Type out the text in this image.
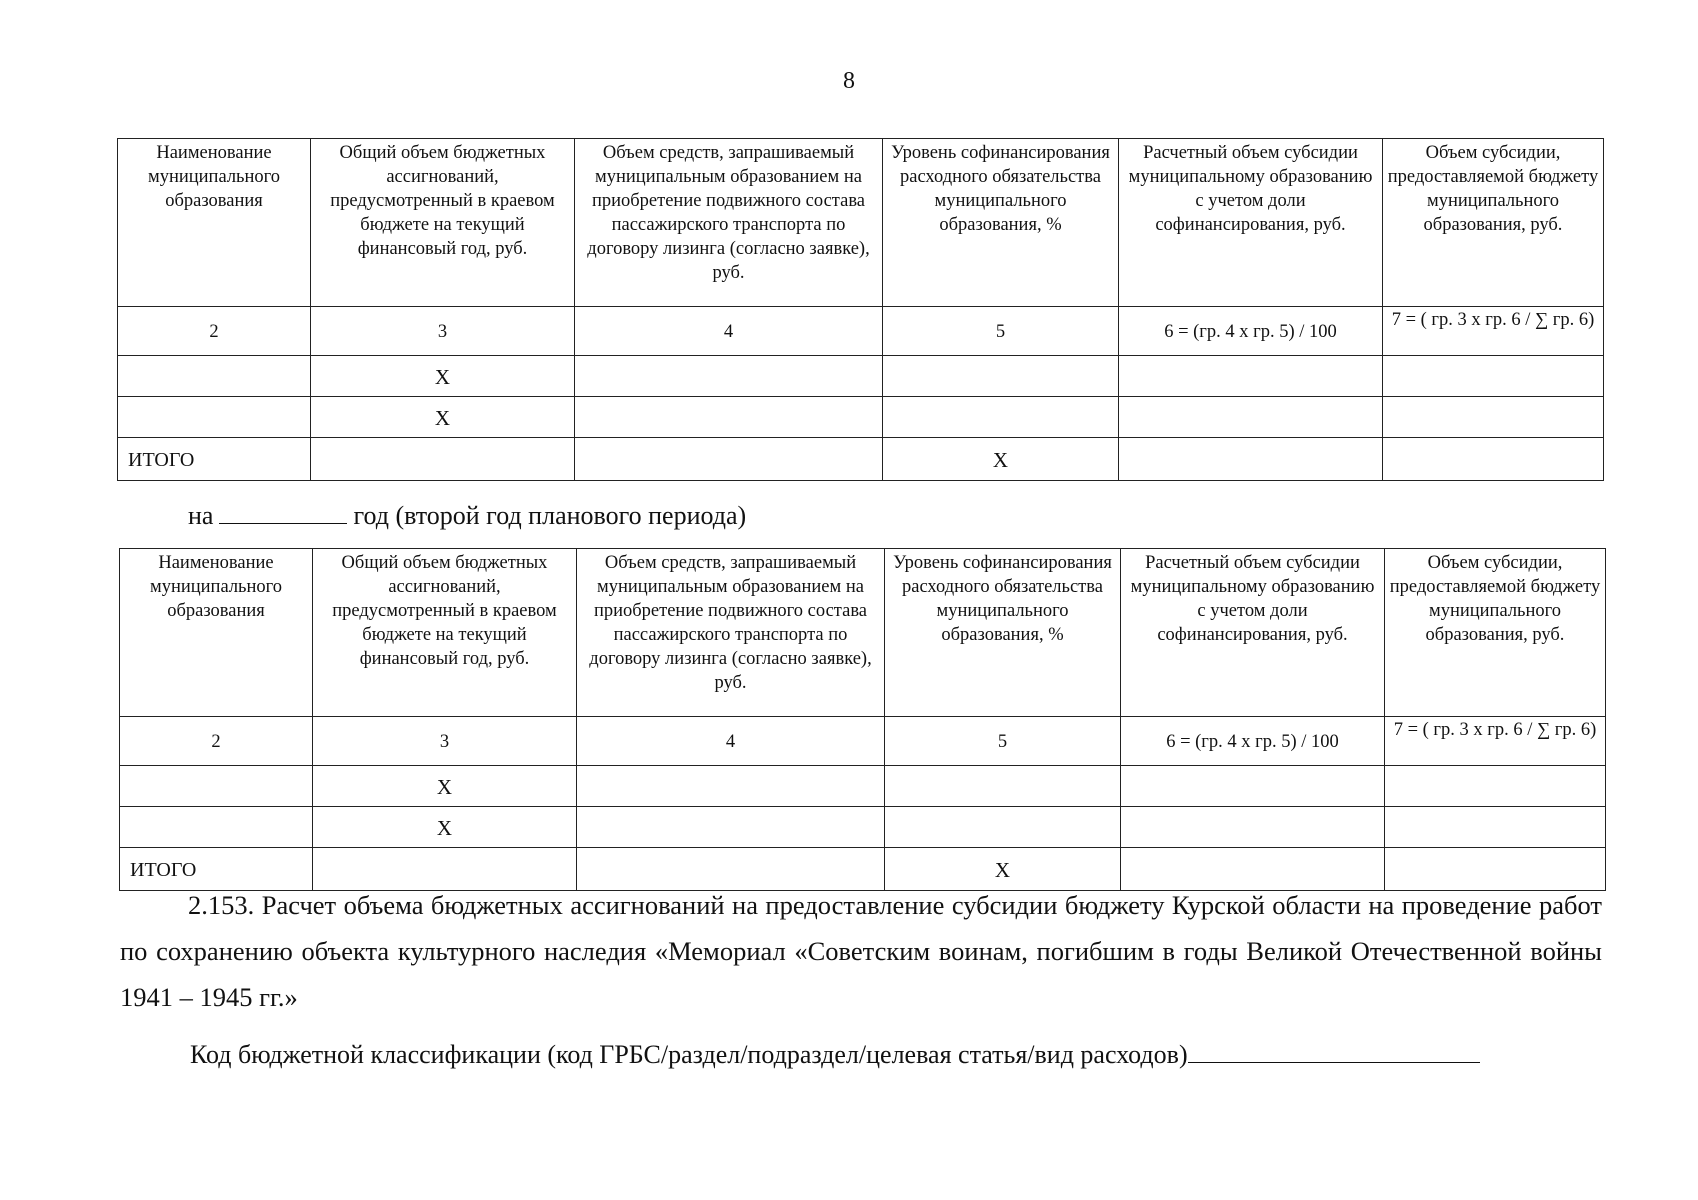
8
Наименование муниципального образования	Общий объем бюджетных ассигнований, предусмотренный в краевом бюджете на текущий финансовый год, руб.	Объем средств, запрашиваемый муниципальным образованием на приобретение подвижного состава пассажирского транспорта по договору лизинга (согласно заявке), руб.	Уровень софинансирования расходного обязательства муниципального образования, %	Расчетный объем субсидии муниципальному образованию с учетом доли софинансирования, руб.	Объем субсидии, предоставляемой бюджету муниципального образования, руб.
2	3	4	5	6 = (гр. 4 х гр. 5) / 100	7 = ( гр. 3 х гр. 6 / ∑ гр. 6)
	Х				
	Х				
ИТОГО			Х		
на	год (второй год планового периода)
Наименование муниципального образования	Общий объем бюджетных ассигнований, предусмотренный в краевом бюджете на текущий финансовый год, руб.	Объем средств, запрашиваемый муниципальным образованием на приобретение подвижного состава пассажирского транспорта по договору лизинга (согласно заявке), руб.	Уровень софинансирования расходного обязательства муниципального образования, %	Расчетный объем субсидии муниципальному образованию с учетом доли софинансирования, руб.	Объем субсидии, предоставляемой бюджету муниципального образования, руб.
2	3	4	5	6 = (гр. 4 х гр. 5) / 100	7 = ( гр. 3 х гр. 6 / ∑ гр. 6)
	Х				
	Х				
ИТОГО			Х		
2.153. Расчет объема бюджетных ассигнований на предоставление субсидии бюджету Курской области на проведение работ по сохранению объекта культурного наследия «Мемориал «Советским воинам, погибшим в годы Великой Отечественной войны 1941 – 1945 гг.»
Код бюджетной классификации (код ГРБС/раздел/подраздел/целевая статья/вид расходов)
